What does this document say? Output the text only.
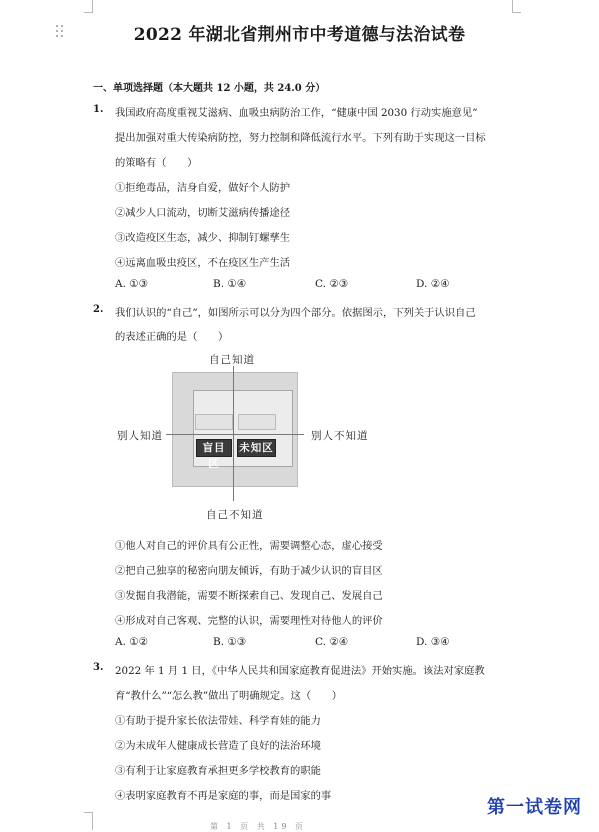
2022 年湖北省荆州市中考道德与法治试卷
一、单项选择题（本大题共 12 小题，共 24.0 分）
1. 我国政府高度重视艾滋病、血吸虫病防治工作，“健康中国 2030 行动实施意见”
提出加强对重大传染病防控，努力控制和降低流行水平。下列有助于实现这一目标
的策略有（　　）
①拒绝毒品，洁身自爱，做好个人防护
②减少人口流动，切断艾滋病传播途径
③改造疫区生态，减少、抑制钉螺孳生
④远离血吸虫疫区，不在疫区生产生活
A. ①③	B. ①④	C. ②③	D. ②④
2. 我们认识的“自己”，如图所示可以分为四个部分。依据图示，下列关于认识自己
的表述正确的是（　　）
自己知道
盲目区
未知区
别人知道	别人不知道
自己不知道
①他人对自己的评价具有公正性，需要调整心态，虚心接受
②把自己独享的秘密向朋友倾诉，有助于减少认识的盲目区
③发掘自我潜能，需要不断探索自己、发现自己、发展自己
④形成对自己客观、完整的认识，需要理性对待他人的评价
A. ①②	B. ①③	C. ②④	D. ③④
3. 2022 年 1 月 1 日，《中华人民共和国家庭教育促进法》开始实施。该法对家庭教
育“教什么”“怎么教”做出了明确规定。这（　　）
①有助于提升家长依法带娃、科学育娃的能力
②为未成年人健康成长营造了良好的法治环境
③有利于让家庭教育承担更多学校教育的职能
④表明家庭教育不再是家庭的事，而是国家的事
第一试卷网
第 1 页 共 19 页
